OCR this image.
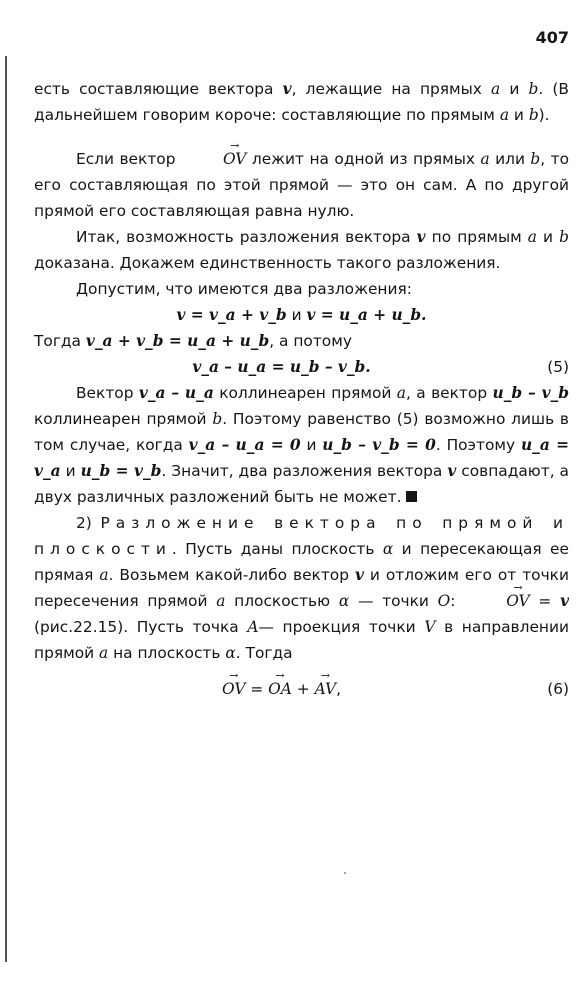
407

есть составляющие вектора v, лежащие на прямых a и b. (В дальнейшем говорим короче: составляющие по прямым a и b).

Если вектор	→ OV лежит на одной из прямых a или b, то его составляющая по этой прямой — это он сам. А по другой прямой его составляющая равна нулю.

Итак, возможность разложения вектора v по прямым a и b доказана. Докажем единственность такого разложения.

Допустим, что имеются два разложения:

v = v_a + v_b и v = u_a + u_b.

Тогда v_a + v_b = u_a + u_b, а потому

v_a – u_a = u_b – v_b.	(5)

Вектор v_a – u_a коллинеарен прямой a, а вектор u_b – v_b коллинеарен прямой b. Поэтому равенство (5) возможно лишь в том случае, когда v_a – u_a = 0 и u_b – v_b = 0. Поэтому u_a = v_a и u_b = v_b. Значит, два разложения вектора v совпадают, а двух различных разложений быть не может.

2) Разложение вектора по прямой и плоскости. Пусть даны плоскость α и пересекающая ее прямая a. Возьмем какой-либо вектор v и отложим его от точки пересечения прямой a плоскостью α — точки O:	→ OV = v (рис.22.15). Пусть точка A— проекция точки V в направлении прямой a на плоскость α. Тогда

→ OV = → OA + → AV,	(6)
